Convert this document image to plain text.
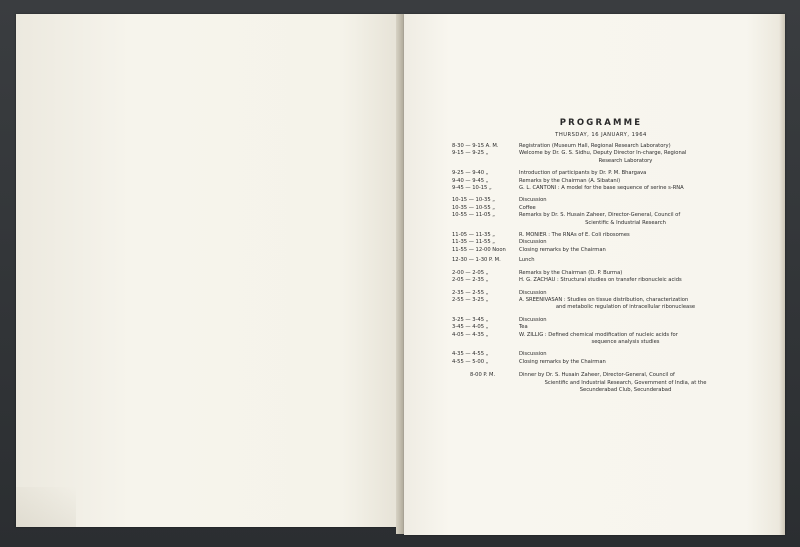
PROGRAMME
THURSDAY, 16 JANUARY, 1964
8-30 — 9-15 A. M.	Registration (Museum Hall, Regional Research Laboratory)
9-15 — 9-25 „	Welcome by Dr. G. S. Sidhu, Deputy Director In-charge, Regional
Research Laboratory
9-25 — 9-40 „	Introduction of participants by Dr. P. M. Bhargava
9-40 — 9-45 „	Remarks by the Chairman (A. Sibatani)
9-45 — 10-15 „	G. L. CANTONI : A model for the base sequence of serine s-RNA
10-15 — 10-35 „	Discussion
10-35 — 10-55 „	Coffee
10-55 — 11-05 „	Remarks by Dr. S. Husain Zaheer, Director-General, Council of
Scientific & Industrial Research
11-05 — 11-35 „	R. MONIER : The RNAs of E. Coli ribosomes
11-35 — 11-55 „	Discussion
11-55 — 12-00 Noon	Closing remarks by the Chairman
12-30 — 1-30 P. M.	Lunch
2-00 — 2-05 „	Remarks by the Chairman (D. P. Burma)
2-05 — 2-35 „	H. G. ZACHAU : Structural studies on transfer ribonucleic acids
2-35 — 2-55 „	Discussion
2-55 — 3-25 „	A. SREENIVASAN : Studies on tissue distribution, characterization
and metabolic regulation of intracellular ribonuclease
3-25 — 3-45 „	Discussion
3-45 — 4-05 „	Tea
4-05 — 4-35 „	W. ZILLIG : Defined chemical modification of nucleic acids for
sequence analysis studies
4-35 — 4-55 „	Discussion
4-55 — 5-00 „	Closing remarks by the Chairman
8-00 P. M.	Dinner by Dr. S. Husain Zaheer, Director-General, Council of
Scientific and Industrial Research, Government of India, at the
Secunderabad Club, Secunderabad
